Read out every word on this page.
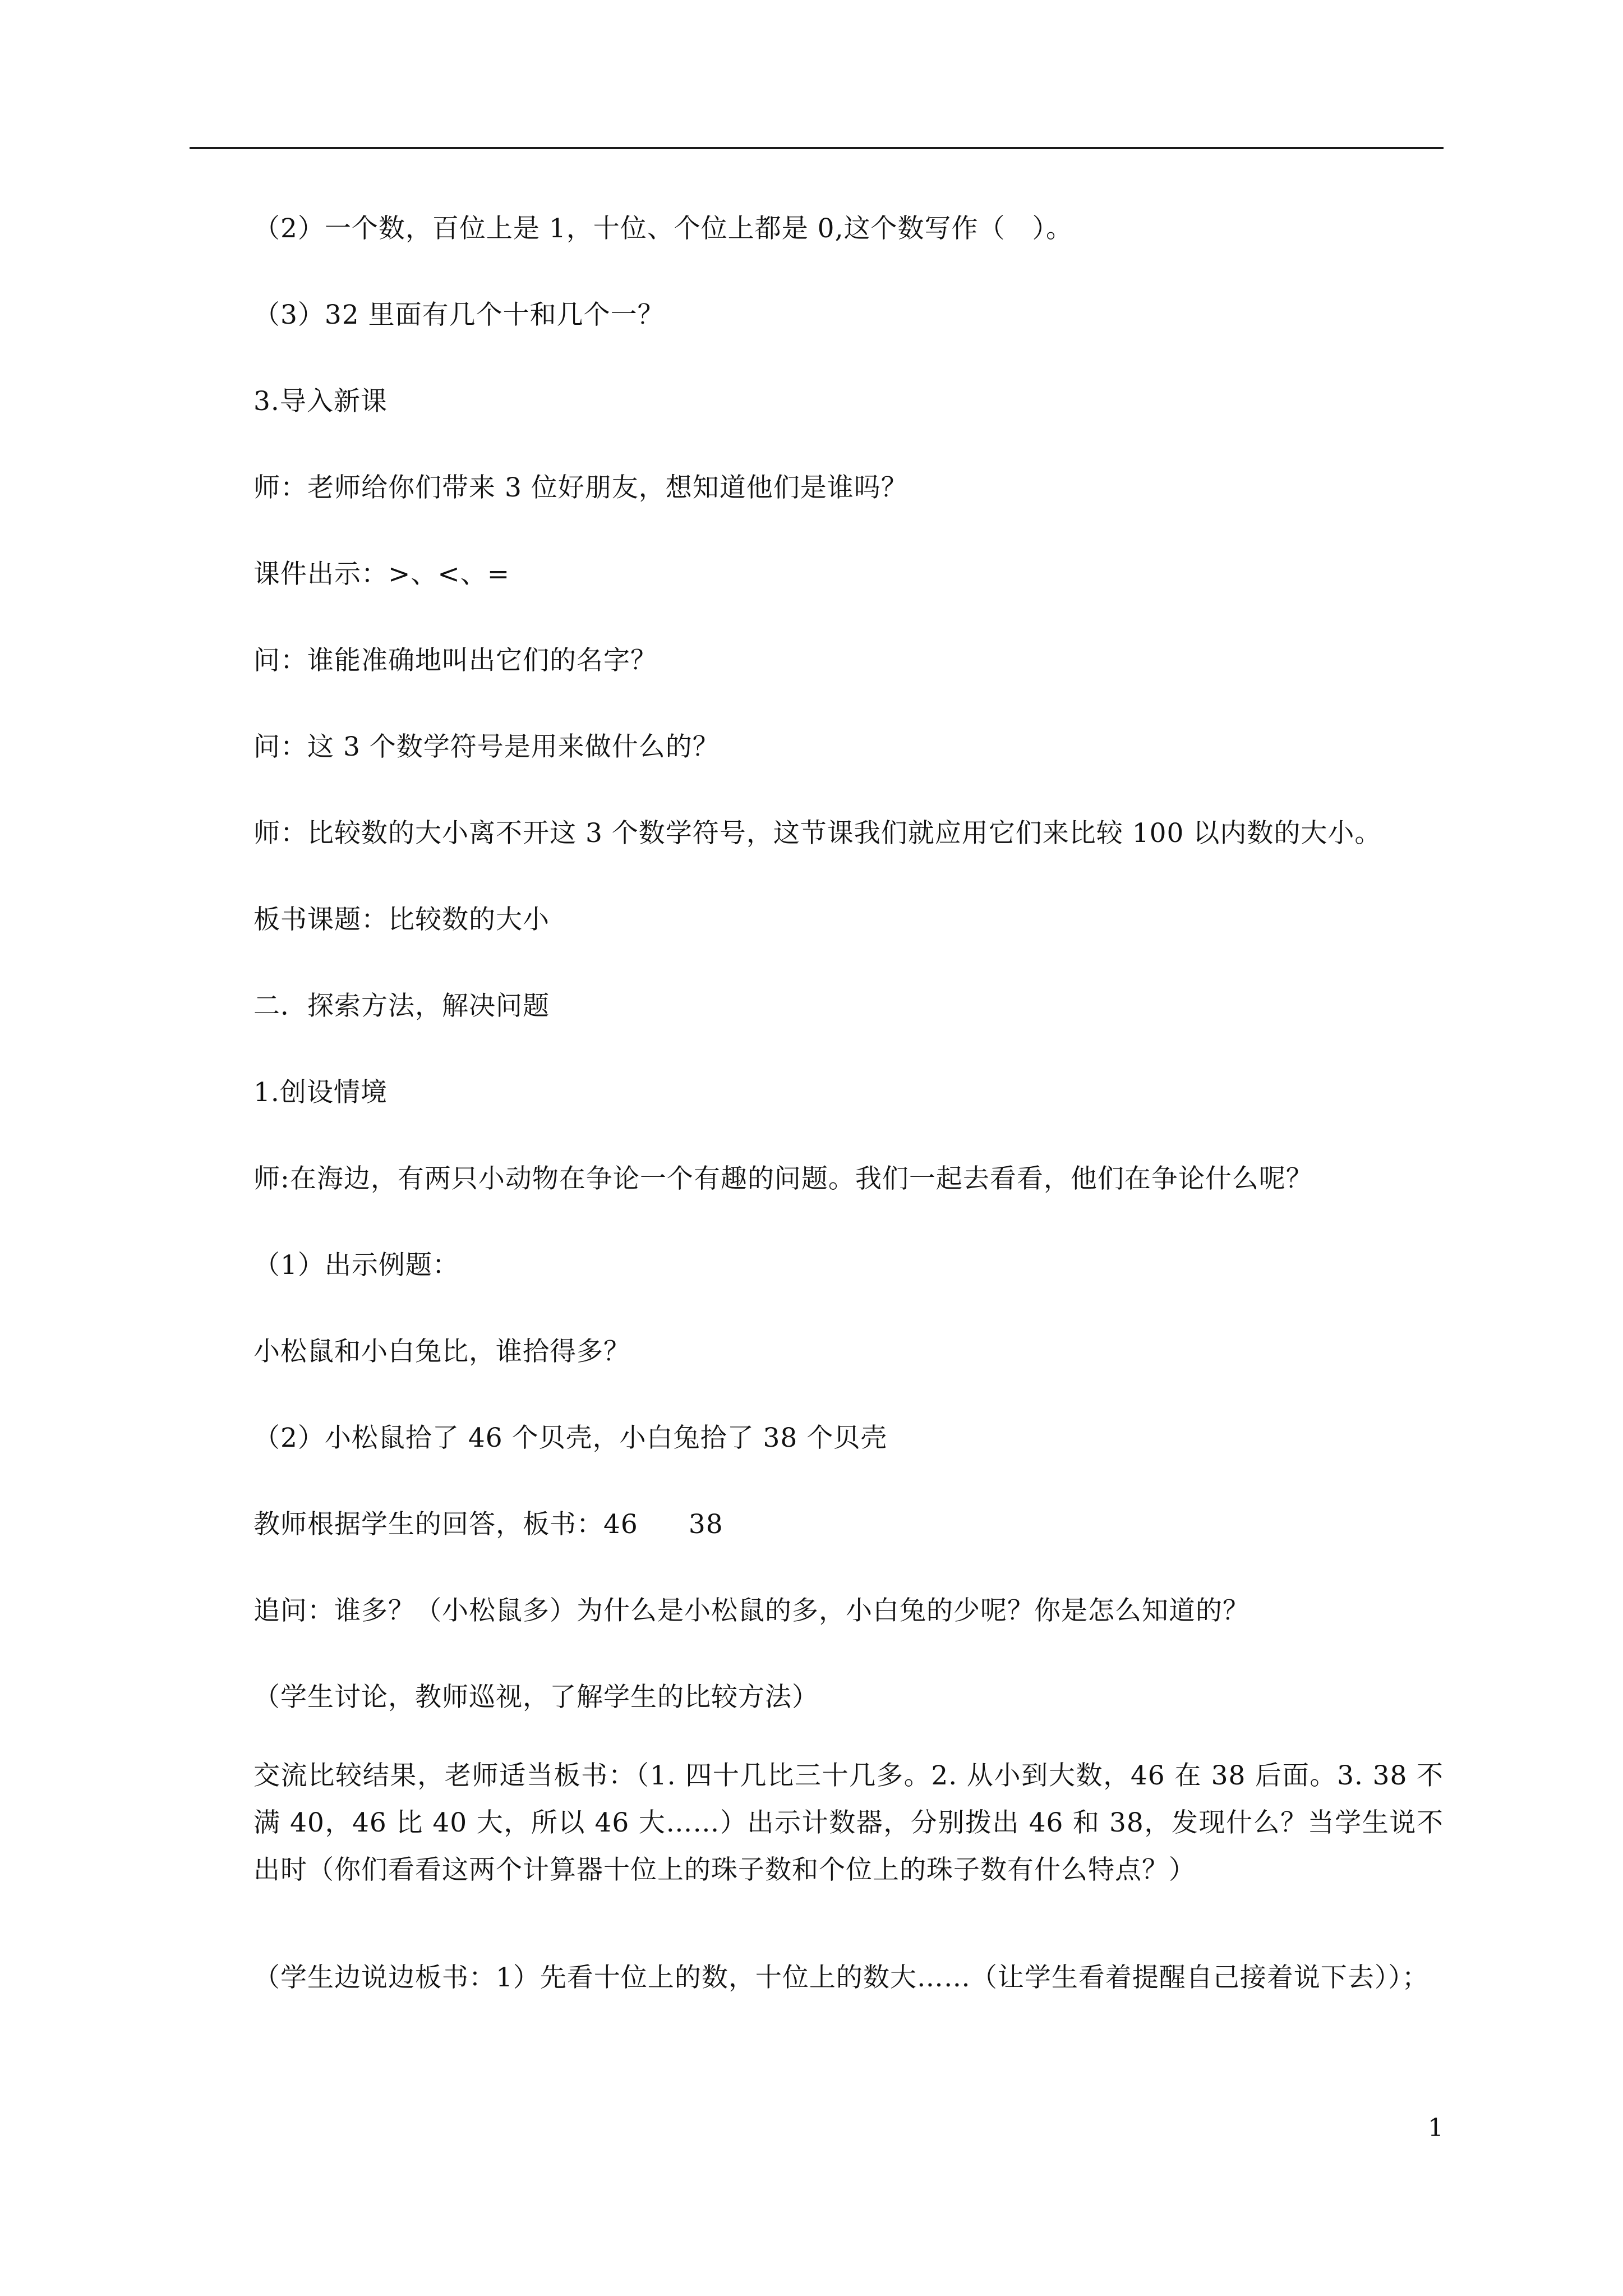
（2）一个数，百位上是 1，十位、个位上都是 0,这个数写作（　）。
（3）32 里面有几个十和几个一？
3.导入新课
师：老师给你们带来 3 位好朋友，想知道他们是谁吗？
课件出示：>、<、=
问：谁能准确地叫出它们的名字？
问：这 3 个数学符号是用来做什么的？
师：比较数的大小离不开这 3 个数学符号，这节课我们就应用它们来比较 100 以内数的大小。
板书课题：比较数的大小
二．探索方法，解决问题
1.创设情境
师:在海边，有两只小动物在争论一个有趣的问题。我们一起去看看，他们在争论什么呢？
（1）出示例题：
小松鼠和小白兔比，谁拾得多？
（2）小松鼠拾了 46 个贝壳，小白兔拾了 38 个贝壳
教师根据学生的回答，板书：46 38
追问：谁多？（小松鼠多）为什么是小松鼠的多，小白兔的少呢？你是怎么知道的？
（学生讨论，教师巡视，了解学生的比较方法）
交流比较结果，老师适当板书：（1. 四十几比三十几多。2. 从小到大数，46 在 38 后面。3. 38 不满 40，46 比 40 大，所以 46 大……）出示计数器，分别拨出 46 和 38，发现什么？当学生说不出时（你们看看这两个计算器十位上的珠子数和个位上的珠子数有什么特点？）
（学生边说边板书：1）先看十位上的数，十位上的数大……（让学生看着提醒自己接着说下去））；
1
